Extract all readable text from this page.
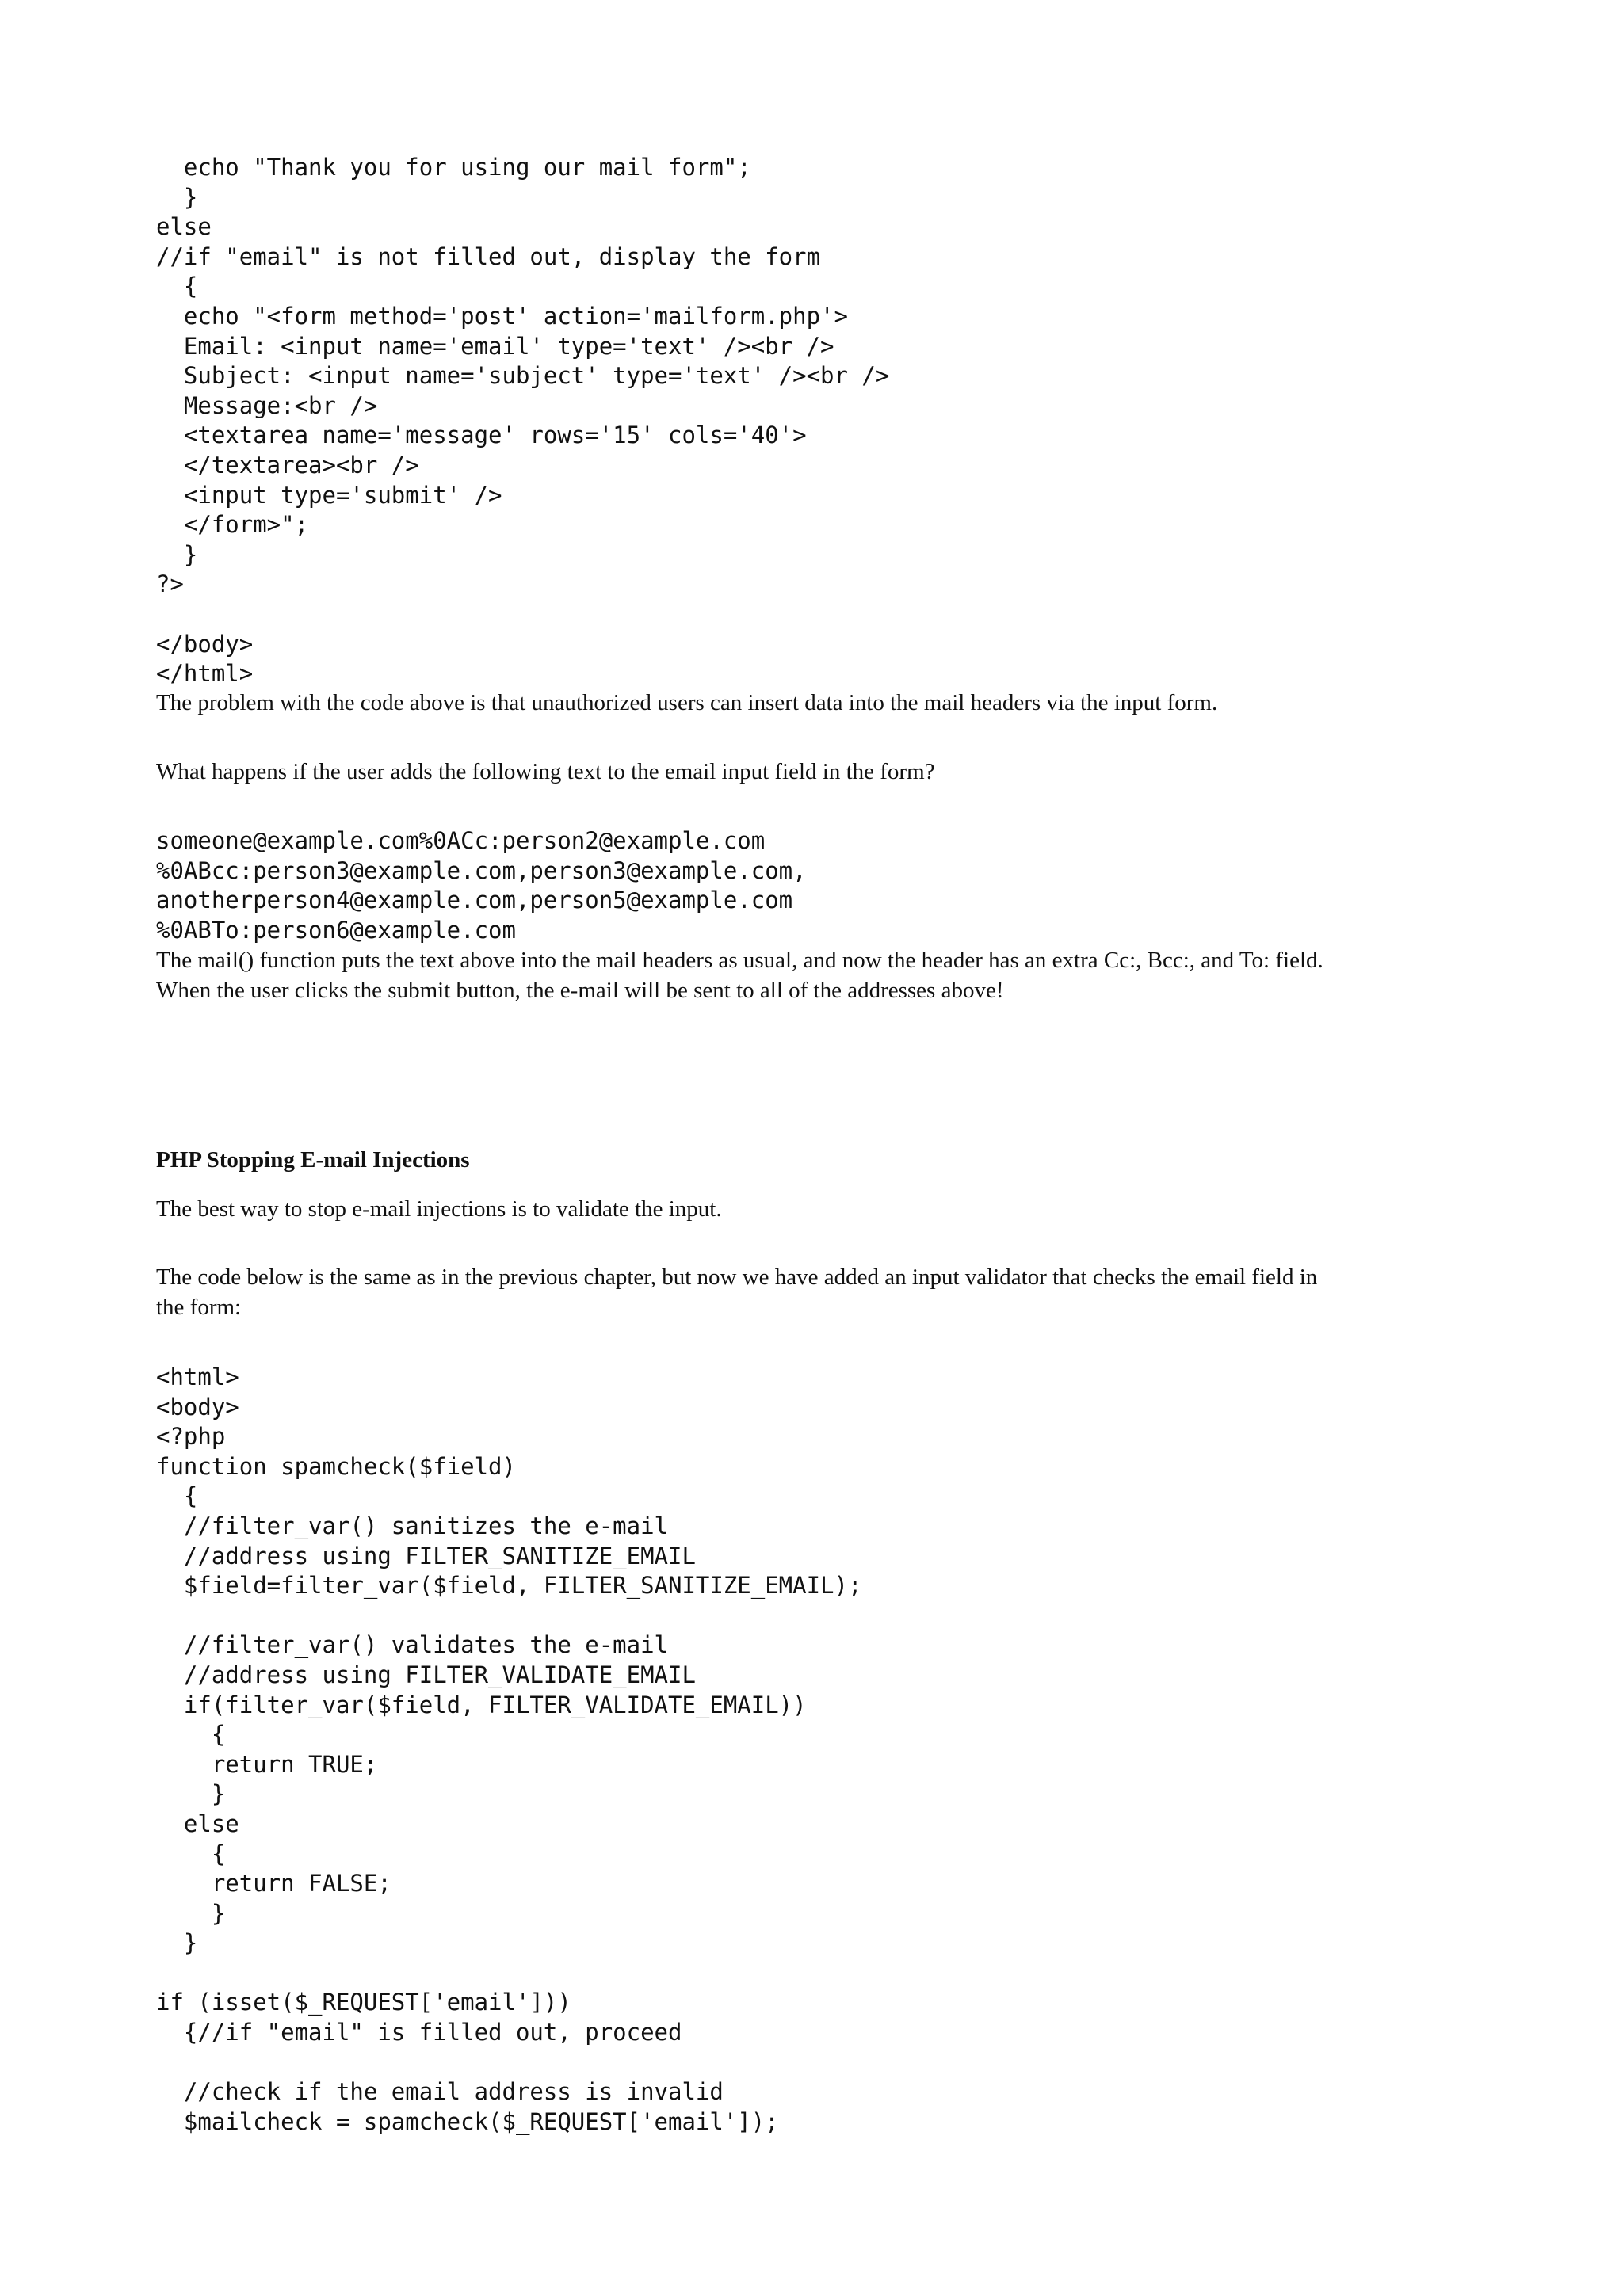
echo "Thank you for using our mail form";
}
else
//if "email" is not filled out, display the form
{
echo "<form method='post' action='mailform.php'>
Email: <input name='email' type='text' /><br />
Subject: <input name='subject' type='text' /><br />
Message:<br />
<textarea name='message' rows='15' cols='40'>
</textarea><br />
<input type='submit' />
</form>";
}
?>

</body>
</html>

The problem with the code above is that unauthorized users can insert data into the mail headers via the input form.

What happens if the user adds the following text to the email input field in the form?

someone@example.com%0ACc:person2@example.com
%0ABcc:person3@example.com,person3@example.com,
anotherperson4@example.com,person5@example.com
%0ABTo:person6@example.com

The mail() function puts the text above into the mail headers as usual, and now the header has an extra Cc:, Bcc:, and To: field. When the user clicks the submit button, the e-mail will be sent to all of the addresses above!

PHP Stopping E-mail Injections

The best way to stop e-mail injections is to validate the input.

The code below is the same as in the previous chapter, but now we have added an input validator that checks the email field in the form:

<html>
<body>
<?php
function spamcheck($field)
{
//filter_var() sanitizes the e-mail
//address using FILTER_SANITIZE_EMAIL
$field=filter_var($field, FILTER_SANITIZE_EMAIL);

//filter_var() validates the e-mail
//address using FILTER_VALIDATE_EMAIL
if(filter_var($field, FILTER_VALIDATE_EMAIL))
{
return TRUE;
}
else
{
return FALSE;
}
}

if (isset($_REQUEST['email']))
{//if "email" is filled out, proceed

//check if the email address is invalid
$mailcheck = spamcheck($_REQUEST['email']);
